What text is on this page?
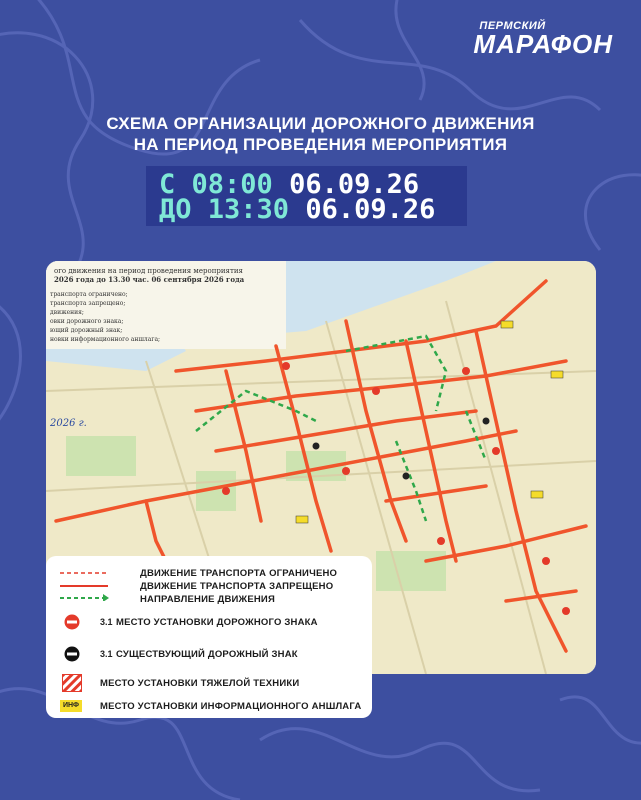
ПЕРМСКИЙ
МАРАФОН
СХЕМА ОРГАНИЗАЦИИ ДОРОЖНОГО ДВИЖЕНИЯ
НА ПЕРИОД ПРОВЕДЕНИЯ МЕРОПРИЯТИЯ
С 08:00 06.09.26
ДО 13:30 06.09.26
ого движения на период проведения мероприятия
2026 года до 13.30 час. 06 сентября 2026 года
транспорта ограничено;
транспорта запрещено;
движения;
овки дорожного знака;
ющий дорожный знак;
новки информационного аншлага;
2026 г.
ДВИЖЕНИЕ ТРАНСПОРТА ОГРАНИЧЕНО
ДВИЖЕНИЕ ТРАНСПОРТА ЗАПРЕЩЕНО
НАПРАВЛЕНИЕ ДВИЖЕНИЯ
3.1 МЕСТО УСТАНОВКИ ДОРОЖНОГО ЗНАКА
3.1 СУЩЕСТВУЮЩИЙ ДОРОЖНЫЙ ЗНАК
МЕСТО УСТАНОВКИ ТЯЖЕЛОЙ ТЕХНИКИ
ИНФ	МЕСТО УСТАНОВКИ ИНФОРМАЦИОННОГО АНШЛАГА
